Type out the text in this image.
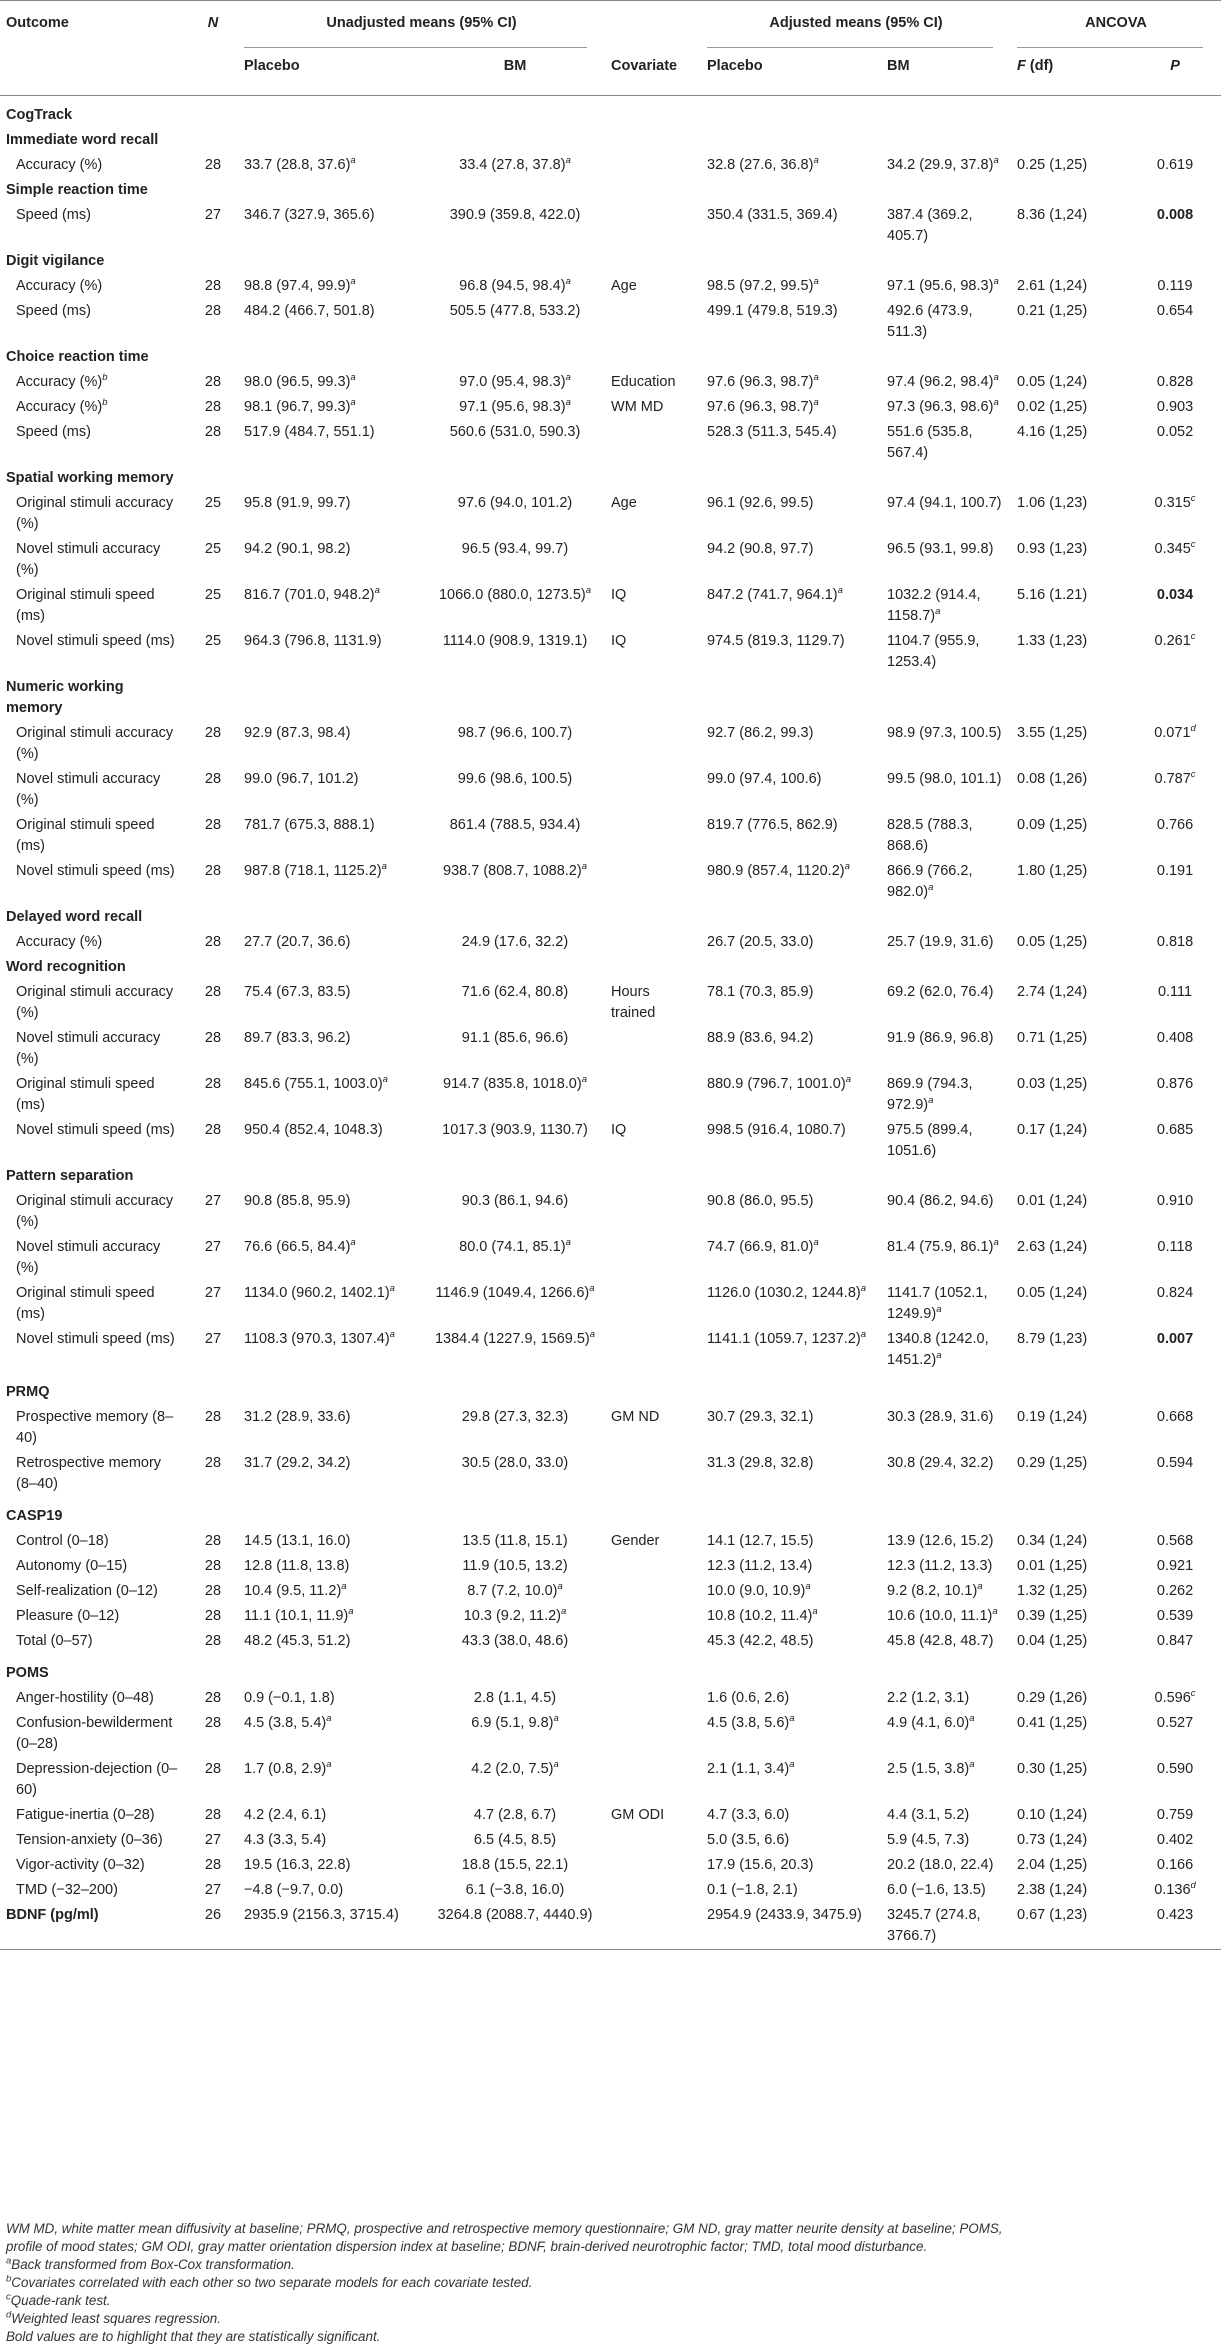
Outcome	N	Unadjusted means (95% CI)			Adjusted means (95% CI)		ANCOVA	
		Placebo	BM	Covariate	Placebo	BM	F (df)	P
CogTrack								
Immediate word recall								
Accuracy (%)	28	33.7 (28.8, 37.6)$^a$	33.4 (27.8, 37.8)$^a$		32.8 (27.6, 36.8)$^a$	34.2 (29.9, 37.8)$^a$	0.25 (1,25)	0.619
Simple reaction time								
Speed (ms)	27	346.7 (327.9, 365.6)	390.9 (359.8, 422.0)		350.4 (331.5, 369.4)	387.4 (369.2, 405.7)	8.36 (1,24)	0.008
Digit vigilance								
Accuracy (%)	28	98.8 (97.4, 99.9)$^a$	96.8 (94.5, 98.4)$^a$	Age	98.5 (97.2, 99.5)$^a$	97.1 (95.6, 98.3)$^a$	2.61 (1,24)	0.119
Speed (ms)	28	484.2 (466.7, 501.8)	505.5 (477.8, 533.2)		499.1 (479.8, 519.3)	492.6 (473.9, 511.3)	0.21 (1,25)	0.654
Choice reaction time								
Accuracy (%)$^b$	28	98.0 (96.5, 99.3)$^a$	97.0 (95.4, 98.3)$^a$	Education	97.6 (96.3, 98.7)$^a$	97.4 (96.2, 98.4)$^a$	0.05 (1,24)	0.828
Accuracy (%)$^b$	28	98.1 (96.7, 99.3)$^a$	97.1 (95.6, 98.3)$^a$	WM MD	97.6 (96.3, 98.7)$^a$	97.3 (96.3, 98.6)$^a$	0.02 (1,25)	0.903
Speed (ms)	28	517.9 (484.7, 551.1)	560.6 (531.0, 590.3)		528.3 (511.3, 545.4)	551.6 (535.8, 567.4)	4.16 (1,25)	0.052
Spatial working memory								
Original stimuli accuracy (%)	25	95.8 (91.9, 99.7)	97.6 (94.0, 101.2)	Age	96.1 (92.6, 99.5)	97.4 (94.1, 100.7)	1.06 (1,23)	0.315$^c$
Novel stimuli accuracy (%)	25	94.2 (90.1, 98.2)	96.5 (93.4, 99.7)		94.2 (90.8, 97.7)	96.5 (93.1, 99.8)	0.93 (1,23)	0.345$^c$
Original stimuli speed (ms)	25	816.7 (701.0, 948.2)$^a$	1066.0 (880.0, 1273.5)$^a$	IQ	847.2 (741.7, 964.1)$^a$	1032.2 (914.4, 1158.7)$^a$	5.16 (1.21)	0.034
Novel stimuli speed (ms)	25	964.3 (796.8, 1131.9)	1114.0 (908.9, 1319.1)	IQ	974.5 (819.3, 1129.7)	1104.7 (955.9, 1253.4)	1.33 (1,23)	0.261$^c$
Numeric working memory								
Original stimuli accuracy (%)	28	92.9 (87.3, 98.4)	98.7 (96.6, 100.7)		92.7 (86.2, 99.3)	98.9 (97.3, 100.5)	3.55 (1,25)	0.071$^d$
Novel stimuli accuracy (%)	28	99.0 (96.7, 101.2)	99.6 (98.6, 100.5)		99.0 (97.4, 100.6)	99.5 (98.0, 101.1)	0.08 (1,26)	0.787$^c$
Original stimuli speed (ms)	28	781.7 (675.3, 888.1)	861.4 (788.5, 934.4)		819.7 (776.5, 862.9)	828.5 (788.3, 868.6)	0.09 (1,25)	0.766
Novel stimuli speed (ms)	28	987.8 (718.1, 1125.2)$^a$	938.7 (808.7, 1088.2)$^a$		980.9 (857.4, 1120.2)$^a$	866.9 (766.2, 982.0)$^a$	1.80 (1,25)	0.191
Delayed word recall								
Accuracy (%)	28	27.7 (20.7, 36.6)	24.9 (17.6, 32.2)		26.7 (20.5, 33.0)	25.7 (19.9, 31.6)	0.05 (1,25)	0.818
Word recognition								
Original stimuli accuracy (%)	28	75.4 (67.3, 83.5)	71.6 (62.4, 80.8)	Hours trained	78.1 (70.3, 85.9)	69.2 (62.0, 76.4)	2.74 (1,24)	0.111
Novel stimuli accuracy (%)	28	89.7 (83.3, 96.2)	91.1 (85.6, 96.6)		88.9 (83.6, 94.2)	91.9 (86.9, 96.8)	0.71 (1,25)	0.408
Original stimuli speed (ms)	28	845.6 (755.1, 1003.0)$^a$	914.7 (835.8, 1018.0)$^a$		880.9 (796.7, 1001.0)$^a$	869.9 (794.3, 972.9)$^a$	0.03 (1,25)	0.876
Novel stimuli speed (ms)	28	950.4 (852.4, 1048.3)	1017.3 (903.9, 1130.7)	IQ	998.5 (916.4, 1080.7)	975.5 (899.4, 1051.6)	0.17 (1,24)	0.685
Pattern separation								
Original stimuli accuracy (%)	27	90.8 (85.8, 95.9)	90.3 (86.1, 94.6)		90.8 (86.0, 95.5)	90.4 (86.2, 94.6)	0.01 (1,24)	0.910
Novel stimuli accuracy (%)	27	76.6 (66.5, 84.4)$^a$	80.0 (74.1, 85.1)$^a$		74.7 (66.9, 81.0)$^a$	81.4 (75.9, 86.1)$^a$	2.63 (1,24)	0.118
Original stimuli speed (ms)	27	1134.0 (960.2, 1402.1)$^a$	1146.9 (1049.4, 1266.6)$^a$		1126.0 (1030.2, 1244.8)$^a$	1141.7 (1052.1, 1249.9)$^a$	0.05 (1,24)	0.824
Novel stimuli speed (ms)	27	1108.3 (970.3, 1307.4)$^a$	1384.4 (1227.9, 1569.5)$^a$		1141.1 (1059.7, 1237.2)$^a$	1340.8 (1242.0, 1451.2)$^a$	8.79 (1,23)	0.007
PRMQ								
Prospective memory (8–40)	28	31.2 (28.9, 33.6)	29.8 (27.3, 32.3)	GM ND	30.7 (29.3, 32.1)	30.3 (28.9, 31.6)	0.19 (1,24)	0.668
Retrospective memory (8–40)	28	31.7 (29.2, 34.2)	30.5 (28.0, 33.0)		31.3 (29.8, 32.8)	30.8 (29.4, 32.2)	0.29 (1,25)	0.594
CASP19								
Control (0–18)	28	14.5 (13.1, 16.0)	13.5 (11.8, 15.1)	Gender	14.1 (12.7, 15.5)	13.9 (12.6, 15.2)	0.34 (1,24)	0.568
Autonomy (0–15)	28	12.8 (11.8, 13.8)	11.9 (10.5, 13.2)		12.3 (11.2, 13.4)	12.3 (11.2, 13.3)	0.01 (1,25)	0.921
Self-realization (0–12)	28	10.4 (9.5, 11.2)$^a$	8.7 (7.2, 10.0)$^a$		10.0 (9.0, 10.9)$^a$	9.2 (8.2, 10.1)$^a$	1.32 (1,25)	0.262
Pleasure (0–12)	28	11.1 (10.1, 11.9)$^a$	10.3 (9.2, 11.2)$^a$		10.8 (10.2, 11.4)$^a$	10.6 (10.0, 11.1)$^a$	0.39 (1,25)	0.539
Total (0–57)	28	48.2 (45.3, 51.2)	43.3 (38.0, 48.6)		45.3 (42.2, 48.5)	45.8 (42.8, 48.7)	0.04 (1,25)	0.847
POMS								
Anger-hostility (0–48)	28	0.9 (−0.1, 1.8)	2.8 (1.1, 4.5)		1.6 (0.6, 2.6)	2.2 (1.2, 3.1)	0.29 (1,26)	0.596$^c$
Confusion-bewilderment (0–28)	28	4.5 (3.8, 5.4)$^a$	6.9 (5.1, 9.8)$^a$		4.5 (3.8, 5.6)$^a$	4.9 (4.1, 6.0)$^a$	0.41 (1,25)	0.527
Depression-dejection (0–60)	28	1.7 (0.8, 2.9)$^a$	4.2 (2.0, 7.5)$^a$		2.1 (1.1, 3.4)$^a$	2.5 (1.5, 3.8)$^a$	0.30 (1,25)	0.590
Fatigue-inertia (0–28)	28	4.2 (2.4, 6.1)	4.7 (2.8, 6.7)	GM ODI	4.7 (3.3, 6.0)	4.4 (3.1, 5.2)	0.10 (1,24)	0.759
Tension-anxiety (0–36)	27	4.3 (3.3, 5.4)	6.5 (4.5, 8.5)		5.0 (3.5, 6.6)	5.9 (4.5, 7.3)	0.73 (1,24)	0.402
Vigor-activity (0–32)	28	19.5 (16.3, 22.8)	18.8 (15.5, 22.1)		17.9 (15.6, 20.3)	20.2 (18.0, 22.4)	2.04 (1,25)	0.166
TMD (−32–200)	27	−4.8 (−9.7, 0.0)	6.1 (−3.8, 16.0)		0.1 (−1.8, 2.1)	6.0 (−1.6, 13.5)	2.38 (1,24)	0.136$^d$
BDNF (pg/ml)	26	2935.9 (2156.3, 3715.4)	3264.8 (2088.7, 4440.9)		2954.9 (2433.9, 3475.9)	3245.7 (274.8, 3766.7)	0.67 (1,23)	0.423
WM MD, white matter mean diffusivity at baseline; PRMQ, prospective and retrospective memory questionnaire; GM ND, gray matter neurite density at baseline; POMS,
profile of mood states; GM ODI, gray matter orientation dispersion index at baseline; BDNF, brain-derived neurotrophic factor; TMD, total mood disturbance.
$^a$Back transformed from Box-Cox transformation.
$^b$Covariates correlated with each other so two separate models for each covariate tested.
$^c$Quade-rank test.
$^d$Weighted least squares regression.
Bold values are to highlight that they are statistically significant.
